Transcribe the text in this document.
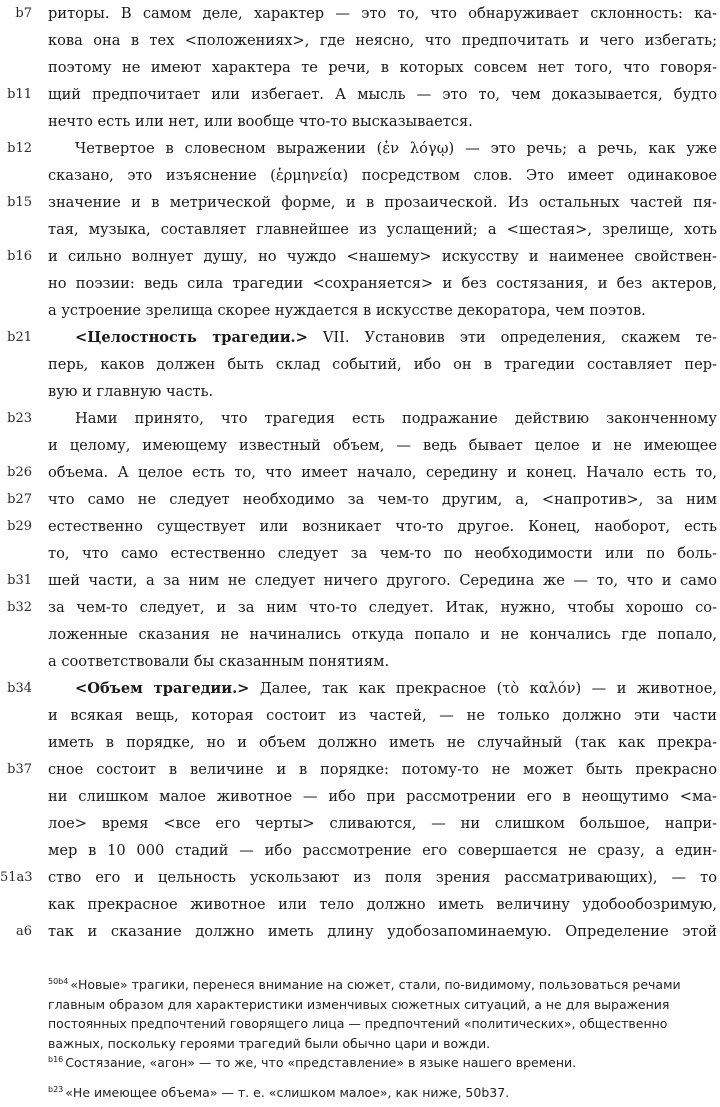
b7 риторы. В самом деле, характер — это то, что обнаруживает склонность: ка-
кова она в тех <положениях>, где неясно, что предпочитать и чего избегать;
поэтому не имеют характера те речи, в которых совсем нет того, что говоря-
b11 щий предпочитает или избегает. А мысль — это то, чем доказывается, будто
нечто есть или нет, или вообще что-то высказывается.
b12	Четвертое в словесном выражении (ἐν λόγῳ) — это речь; а речь, как уже
сказано, это изъяснение (ἑρμηνεία) посредством слов. Это имеет одинаковое
b15 значение и в метрической форме, и в прозаической. Из остальных частей пя-
тая, музыка, составляет главнейшее из услащений; а <шестая>, зрелище, хоть
b16 и сильно волнует душу, но чуждо <нашему> искусству и наименее свойствен-
но поэзии: ведь сила трагедии <сохраняется> и без состязания, и без актеров,
а устроение зрелища скорее нуждается в искусстве декоратора, чем поэтов.
b21	<Целостность трагедии.> VII. Установив эти определения, скажем те-
перь, каков должен быть склад событий, ибо он в трагедии составляет пер-
вую и главную часть.
b23	Нами принято, что трагедия есть подражание действию законченному
и целому, имеющему известный объем, — ведь бывает целое и не имеющее
b26 объема. А целое есть то, что имеет начало, середину и конец. Начало есть то,
b27 что само не следует необходимо за чем-то другим, а, <напротив>, за ним
b29 естественно существует или возникает что-то другое. Конец, наоборот, есть
то, что само естественно следует за чем-то по необходимости или по боль-
b31 шей части, а за ним не следует ничего другого. Середина же — то, что и само
b32 за чем-то следует, и за ним что-то следует. Итак, нужно, чтобы хорошо со-
ложенные сказания не начинались откуда попало и не кончались где попало,
а соответствовали бы сказанным понятиям.
b34	<Объем трагедии.> Далее, так как прекрасное (τὸ καλόν) — и животное,
и всякая вещь, которая состоит из частей, — не только должно эти части
иметь в порядке, но и объем должно иметь не случайный (так как прекра-
b37 сное состоит в величине и в порядке: потому-то не может быть прекрасно
ни слишком малое животное — ибо при рассмотрении его в неощутимо <ма-
лое> время <все его черты> сливаются, — ни слишком большое, напри-
мер в 10 000 стадий — ибо рассмотрение его совершается не сразу, а един-
51a3 ство его и цельность ускользают из поля зрения рассматривающих), — то
как прекрасное животное или тело должно иметь величину удобообозримую,
a6 так и сказание должно иметь длину удобозапоминаемую. Определение этой
$^{50b4}$ «Новые» трагики, перенеся внимание на сюжет, стали, по-видимому, пользоваться речами главным образом для характеристики изменчивых сюжетных ситуаций, а не для выражения постоянных предпочтений говорящего лица — предпочтений «политических», общественно важных, поскольку героями трагедий были обычно цари и вожди.
$^{b16}$ Состязание, «агон» — то же, что «представление» в языке нашего времени.
$^{b23}$ «Не имеющее объема» — т. е. «слишком малое», как ниже, 50b37.
